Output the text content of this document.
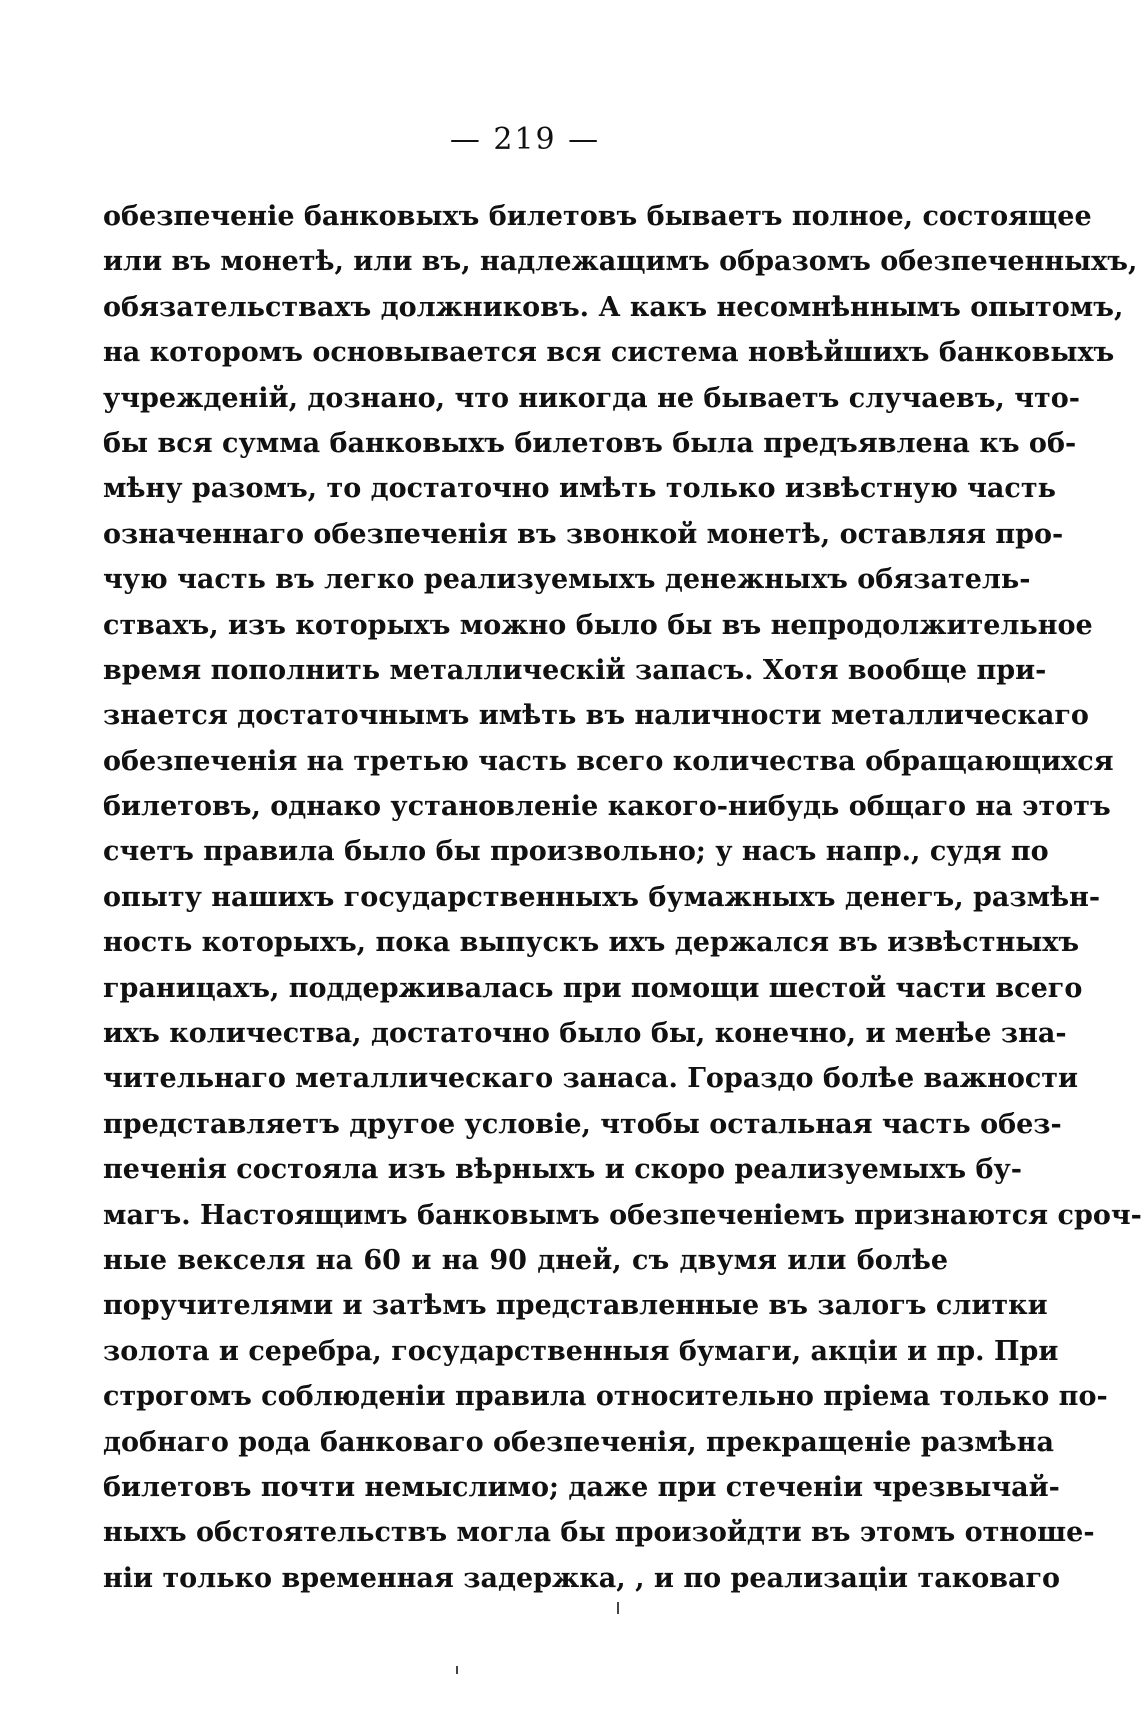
— 219 —
обезпеченіе банковыхъ билетовъ бываетъ полное, состоящее
или въ монетѣ, или въ, надлежащимъ образомъ обезпеченныхъ,
обязательствахъ должниковъ. А какъ несомнѣннымъ опытомъ,
на которомъ основывается вся система новѣйшихъ банковыхъ
учрежденій, дознано, что никогда не бываетъ случаевъ, что-
бы вся сумма банковыхъ билетовъ была предъявлена къ об-
мѣну разомъ, то достаточно имѣть только извѣстную часть
означеннаго обезпеченія въ звонкой монетѣ, оставляя про-
чую часть въ легко реализуемыхъ денежныхъ обязатель-
ствахъ, изъ которыхъ можно было бы въ непродолжительное
время пополнить металлическій запасъ. Хотя вообще при-
знается достаточнымъ имѣть въ наличности металлическаго
обезпеченія на третью часть всего количества обращающихся
билетовъ, однако установленіе какого-нибудь общаго на этотъ
счетъ правила было бы произвольно; у насъ напр., судя по
опыту нашихъ государственныхъ бумажныхъ денегъ, размѣн-
ность которыхъ, пока выпускъ ихъ держался въ извѣстныхъ
границахъ, поддерживалась при помощи шестой части всего
ихъ количества, достаточно было бы, конечно, и менѣе зна-
чительнаго металлическаго занаса. Гораздо болѣе важности
представляетъ другое условіе, чтобы остальная часть обез-
печенія состояла изъ вѣрныхъ и скоро реализуемыхъ бу-
магъ. Настоящимъ банковымъ обезпеченіемъ признаются сроч-
ные векселя на 60 и на 90 дней, съ двумя или болѣе
поручителями и затѣмъ представленные въ залогъ слитки
золота и серебра, государственныя бумаги, акціи и пр. При
строгомъ соблюденіи правила относительно пріема только по-
добнаго рода банковаго обезпеченія, прекращеніе размѣна
билетовъ почти немыслимо; даже при стеченіи чрезвычай-
ныхъ обстоятельствъ могла бы произойдти въ этомъ отноше-
ніи только временная задержка, , и по реализаціи таковаго
